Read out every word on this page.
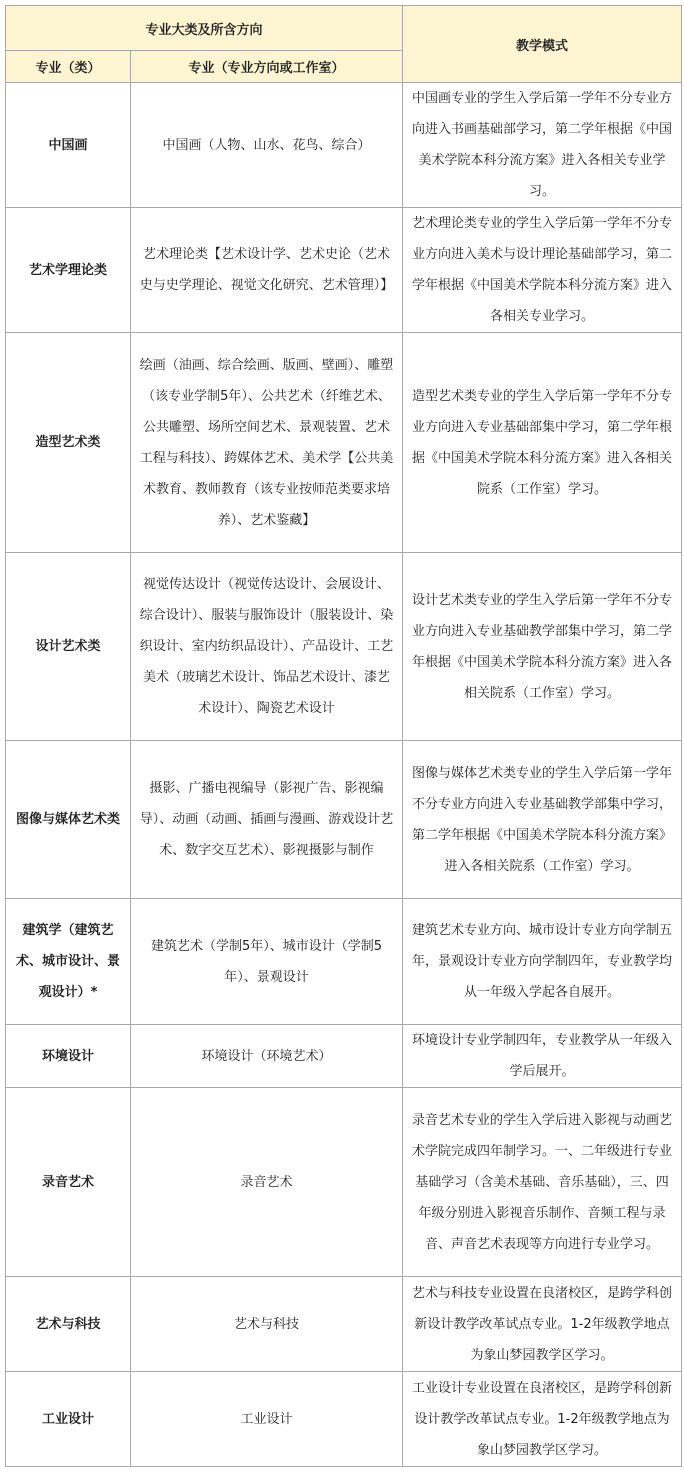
专业大类及所含方向		教学模式
专业（类）	专业（专业方向或工作室）	
中国画	中国画（人物、山水、花鸟、综合）	中国画专业的学生入学后第一学年不分专业方向进入书画基础部学习，第二学年根据《中国美术学院本科分流方案》进入各相关专业学习。
艺术学理论类	艺术理论类【艺术设计学、艺术史论（艺术史与史学理论、视觉文化研究、艺术管理）】	艺术理论类专业的学生入学后第一学年不分专业方向进入美术与设计理论基础部学习，第二学年根据《中国美术学院本科分流方案》进入各相关专业学习。
造型艺术类	绘画（油画、综合绘画、版画、壁画）、雕塑（该专业学制5年）、公共艺术（纤维艺术、公共雕塑、场所空间艺术、景观装置、艺术工程与科技）、跨媒体艺术、美术学【公共美术教育、教师教育（该专业按师范类要求培养）、艺术鉴藏】	造型艺术类专业的学生入学后第一学年不分专业方向进入专业基础部集中学习，第二学年根据《中国美术学院本科分流方案》进入各相关院系（工作室）学习。
设计艺术类	视觉传达设计（视觉传达设计、会展设计、综合设计）、服装与服饰设计（服装设计、染织设计、室内纺织品设计）、产品设计、工艺美术（玻璃艺术设计、饰品艺术设计、漆艺术设计）、陶瓷艺术设计	设计艺术类专业的学生入学后第一学年不分专业方向进入专业基础教学部集中学习，第二学年根据《中国美术学院本科分流方案》进入各相关院系（工作室）学习。
图像与媒体艺术类	摄影、广播电视编导（影视广告、影视编导）、动画（动画、插画与漫画、游戏设计艺术、数字交互艺术）、影视摄影与制作	图像与媒体艺术类专业的学生入学后第一学年不分专业方向进入专业基础教学部集中学习，第二学年根据《中国美术学院本科分流方案》进入各相关院系（工作室）学习。
建筑学（建筑艺术、城市设计、景观设计）*	建筑艺术（学制5年）、城市设计（学制5年）、景观设计	建筑艺术专业方向、城市设计专业方向学制五年，景观设计专业方向学制四年，专业教学均从一年级入学起各自展开。
环境设计	环境设计（环境艺术）	环境设计专业学制四年，专业教学从一年级入学后展开。
录音艺术	录音艺术	录音艺术专业的学生入学后进入影视与动画艺术学院完成四年制学习。一、二年级进行专业基础学习（含美术基础、音乐基础），三、四年级分别进入影视音乐制作、音频工程与录音、声音艺术表现等方向进行专业学习。
艺术与科技	艺术与科技	艺术与科技专业设置在良渚校区，是跨学科创新设计教学改革试点专业。1-2年级教学地点为象山梦园教学区学习。
工业设计	工业设计	工业设计专业设置在良渚校区，是跨学科创新设计教学改革试点专业。1-2年级教学地点为象山梦园教学区学习。
